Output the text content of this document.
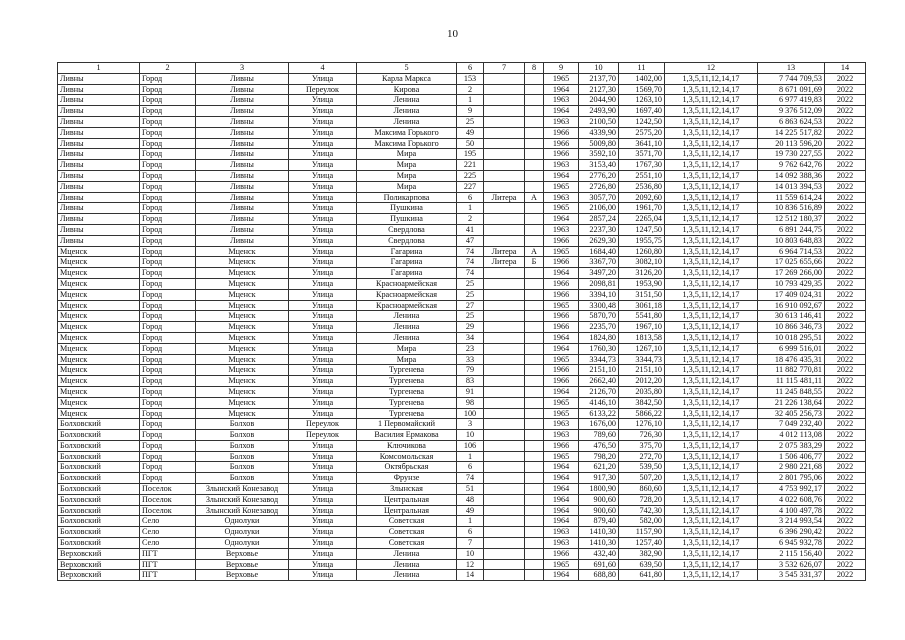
10
1	2	3	4	5	6	7	8	9	10	11	12	13	14
Ливны	Город	Ливны	Улица	Карла Маркса	153			1965	2137,70	1402,00	1,3,5,11,12,14,17	7 744 709,53	2022
Ливны	Город	Ливны	Переулок	Кирова	2			1964	2127,30	1569,70	1,3,5,11,12,14,17	8 671 091,69	2022
Ливны	Город	Ливны	Улица	Ленина	1			1963	2044,90	1263,10	1,3,5,11,12,14,17	6 977 419,83	2022
Ливны	Город	Ливны	Улица	Ленина	9			1964	2493,90	1697,40	1,3,5,11,12,14,17	9 376 512,09	2022
Ливны	Город	Ливны	Улица	Ленина	25			1963	2100,50	1242,50	1,3,5,11,12,14,17	6 863 624,53	2022
Ливны	Город	Ливны	Улица	Максима Горького	49			1966	4339,90	2575,20	1,3,5,11,12,14,17	14 225 517,82	2022
Ливны	Город	Ливны	Улица	Максима Горького	50			1966	5009,80	3641,10	1,3,5,11,12,14,17	20 113 596,20	2022
Ливны	Город	Ливны	Улица	Мира	195			1966	3592,10	3571,70	1,3,5,11,12,14,17	19 730 227,55	2022
Ливны	Город	Ливны	Улица	Мира	221			1963	3153,40	1767,30	1,3,5,11,12,14,17	9 762 642,76	2022
Ливны	Город	Ливны	Улица	Мира	225			1964	2776,20	2551,10	1,3,5,11,12,14,17	14 092 388,36	2022
Ливны	Город	Ливны	Улица	Мира	227			1965	2726,80	2536,80	1,3,5,11,12,14,17	14 013 394,53	2022
Ливны	Город	Ливны	Улица	Поликарпова	6	Литера	А	1963	3057,70	2092,60	1,3,5,11,12,14,17	11 559 614,24	2022
Ливны	Город	Ливны	Улица	Пушкина	1			1965	2106,00	1961,70	1,3,5,11,12,14,17	10 836 516,89	2022
Ливны	Город	Ливны	Улица	Пушкина	2			1964	2857,24	2265,04	1,3,5,11,12,14,17	12 512 180,37	2022
Ливны	Город	Ливны	Улица	Свердлова	41			1963	2237,30	1247,50	1,3,5,11,12,14,17	6 891 244,75	2022
Ливны	Город	Ливны	Улица	Свердлова	47			1966	2629,30	1955,75	1,3,5,11,12,14,17	10 803 648,83	2022
Мценск	Город	Мценск	Улица	Гагарина	74	Литера	А	1965	1684,40	1260,80	1,3,5,11,12,14,17	6 964 714,53	2022
Мценск	Город	Мценск	Улица	Гагарина	74	Литера	Б	1966	3367,70	3082,10	1,3,5,11,12,14,17	17 025 655,66	2022
Мценск	Город	Мценск	Улица	Гагарина	74			1964	3497,20	3126,20	1,3,5,11,12,14,17	17 269 266,00	2022
Мценск	Город	Мценск	Улица	Красноармейская	25			1966	2098,81	1953,90	1,3,5,11,12,14,17	10 793 429,35	2022
Мценск	Город	Мценск	Улица	Красноармейская	25			1966	3394,10	3151,50	1,3,5,11,12,14,17	17 409 024,31	2022
Мценск	Город	Мценск	Улица	Красноармейская	27			1965	3300,48	3061,18	1,3,5,11,12,14,17	16 910 092,67	2022
Мценск	Город	Мценск	Улица	Ленина	25			1966	5870,70	5541,80	1,3,5,11,12,14,17	30 613 146,41	2022
Мценск	Город	Мценск	Улица	Ленина	29			1966	2235,70	1967,10	1,3,5,11,12,14,17	10 866 346,73	2022
Мценск	Город	Мценск	Улица	Ленина	34			1964	1824,80	1813,58	1,3,5,11,12,14,17	10 018 295,51	2022
Мценск	Город	Мценск	Улица	Мира	23			1964	1760,30	1267,10	1,3,5,11,12,14,17	6 999 516,01	2022
Мценск	Город	Мценск	Улица	Мира	33			1965	3344,73	3344,73	1,3,5,11,12,14,17	18 476 435,31	2022
Мценск	Город	Мценск	Улица	Тургенева	79			1966	2151,10	2151,10	1,3,5,11,12,14,17	11 882 770,81	2022
Мценск	Город	Мценск	Улица	Тургенева	83			1966	2662,40	2012,20	1,3,5,11,12,14,17	11 115 481,11	2022
Мценск	Город	Мценск	Улица	Тургенева	91			1964	2126,70	2035,80	1,3,5,11,12,14,17	11 245 848,55	2022
Мценск	Город	Мценск	Улица	Тургенева	98			1965	4146,10	3842,50	1,3,5,11,12,14,17	21 226 138,64	2022
Мценск	Город	Мценск	Улица	Тургенева	100			1965	6133,22	5866,22	1,3,5,11,12,14,17	32 405 256,73	2022
Болховский	Город	Болхов	Переулок	1 Первомайский	3			1963	1676,00	1276,10	1,3,5,11,12,14,17	7 049 232,40	2022
Болховский	Город	Болхов	Переулок	Василия Ермакова	10			1963	789,60	726,30	1,3,5,11,12,14,17	4 012 113,08	2022
Болховский	Город	Болхов	Улица	Ключикова	106			1966	476,50	375,70	1,3,5,11,12,14,17	2 075 383,29	2022
Болховский	Город	Болхов	Улица	Комсомольская	1			1965	798,20	272,70	1,3,5,11,12,14,17	1 506 406,77	2022
Болховский	Город	Болхов	Улица	Октябрьская	6			1964	621,20	539,50	1,3,5,11,12,14,17	2 980 221,68	2022
Болховский	Город	Болхов	Улица	Фрунзе	74			1964	917,30	507,20	1,3,5,11,12,14,17	2 801 795,06	2022
Болховский	Поселок	Злынский Конезавод	Улица	Злынская	51			1964	1800,90	860,60	1,3,5,11,12,14,17	4 753 992,17	2022
Болховский	Поселок	Злынский Конезавод	Улица	Центральная	48			1964	900,60	728,20	1,3,5,11,12,14,17	4 022 608,76	2022
Болховский	Поселок	Злынский Конезавод	Улица	Центральная	49			1964	900,60	742,30	1,3,5,11,12,14,17	4 100 497,78	2022
Болховский	Село	Однолуки	Улица	Советская	1			1964	879,40	582,00	1,3,5,11,12,14,17	3 214 993,54	2022
Болховский	Село	Однолуки	Улица	Советская	6			1963	1410,30	1157,90	1,3,5,11,12,14,17	6 396 290,42	2022
Болховский	Село	Однолуки	Улица	Советская	7			1963	1410,30	1257,40	1,3,5,11,12,14,17	6 945 932,78	2022
Верховский	ПГТ	Верховье	Улица	Ленина	10			1966	432,40	382,90	1,3,5,11,12,14,17	2 115 156,40	2022
Верховский	ПГТ	Верховье	Улица	Ленина	12			1965	691,60	639,50	1,3,5,11,12,14,17	3 532 626,07	2022
Верховский	ПГТ	Верховье	Улица	Ленина	14			1964	688,80	641,80	1,3,5,11,12,14,17	3 545 331,37	2022
